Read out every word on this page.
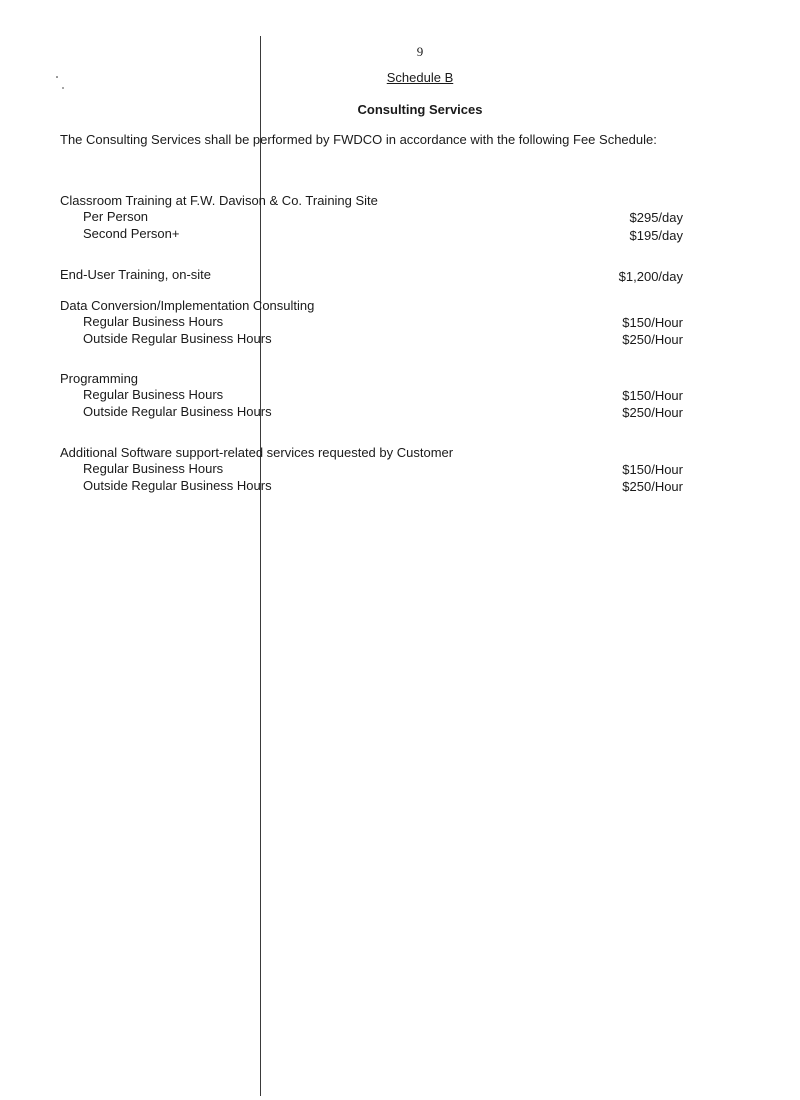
9
Schedule B
Consulting Services
The Consulting Services shall be performed by FWDCO in accordance with the following Fee Schedule:
Classroom Training at F.W. Davison & Co. Training Site
Per Person	$295/day
Second Person+	$195/day
End-User Training, on-site	$1,200/day
Data Conversion/Implementation Consulting
Regular Business Hours	$150/Hour
Outside Regular Business Hours	$250/Hour
Programming
Regular Business Hours	$150/Hour
Outside Regular Business Hours	$250/Hour
Additional Software support-related services requested by Customer
Regular Business Hours	$150/Hour
Outside Regular Business Hours	$250/Hour
